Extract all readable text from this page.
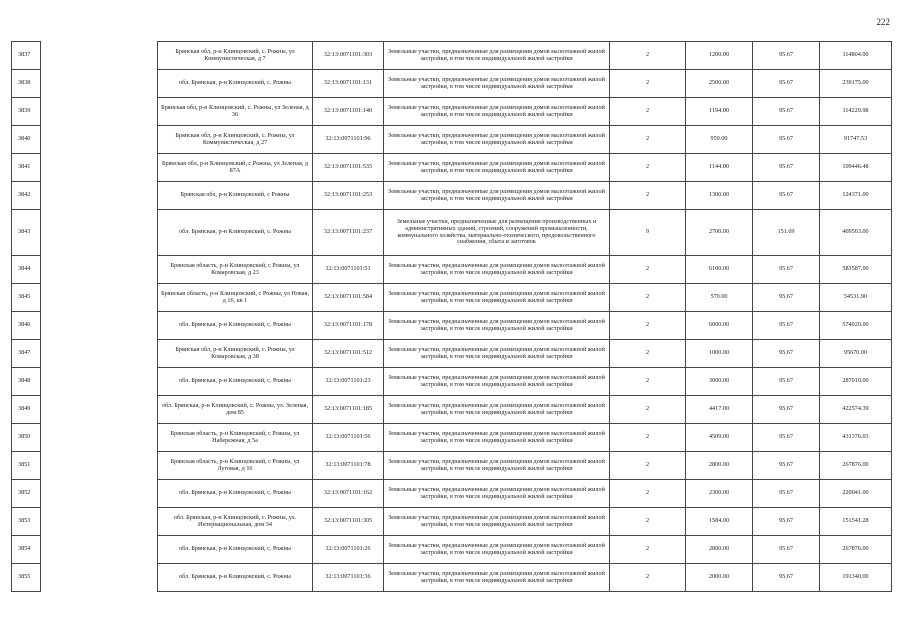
222
3837		Брянская обл, р-н Клинцовский, с. Рожны, ул Коммунистическая, д 7	32:13:0071101:303	Земельные участки, предназначенные для размещения домов малоэтажной жилой застройки, в том числе индивидуальной жилой застройки	2	1200.00	95.67	114804.00
3838		обл. Брянская, р-н Клинцовский, с. Рожны	32:13:0071101:131	Земельные участки, предназначенные для размещения домов малоэтажной жилой застройки, в том числе индивидуальной жилой застройки	2	2500.00	95.67	239175.00
3839		Брянская обл, р-н Клинцовский, с. Рожны, ул Зеленая, д 36	32:13:0071101:140	Земельные участки, предназначенные для размещения домов малоэтажной жилой застройки, в том числе индивидуальной жилой застройки	2	1194.00	95.67	114229.98
3840		Брянская обл, р-н Клинцовский, с. Рожны, ул Коммунистическая, д 27	32:13:0071101:96	Земельные участки, предназначенные для размещения домов малоэтажной жилой застройки, в том числе индивидуальной жилой застройки	2	959.00	95.67	91747.53
3841		Брянская обл, р-н Клинцовский, с Рожны, ул Зеленая, д 87А	32:13:0071101:535	Земельные участки, предназначенные для размещения домов малоэтажной жилой застройки, в том числе индивидуальной жилой застройки	2	1144.00	95.67	109446.48
3842		Брянская обл, р-н Клинцовский, с Рожны	32:13:0071101:253	Земельные участки, предназначенные для размещения домов малоэтажной жилой застройки, в том числе индивидуальной жилой застройки	2	1300.00	95.67	124371.00
3843		обл. Брянская, р-н Клинцовский, с. Рожны	32:13:0071101:237	Земельные участки, предназначенные для размещения производственных и административных зданий, строений, сооружений промышленности, коммунального хозяйства, материально-технического, продовольственного снабжения, сбыта и заготовок	9	2700.00	151.69	409563.00
3844		Брянская область, р-н Клинцовский, с Рожны, ул Комаровская, д 23	32:13:0071101:51	Земельные участки, предназначенные для размещения домов малоэтажной жилой застройки, в том числе индивидуальной жилой застройки	2	6100.00	95.67	583587.00
3845		Брянская область, р-н Клинцовский, с Рожны, ул Новая, д 16, кв 1	32:13:0071101:584	Земельные участки, предназначенные для размещения домов малоэтажной жилой застройки, в том числе индивидуальной жилой застройки	2	570.00	95.67	54531.90
3846		обл. Брянская, р-н Клинцовский, с. Рожны	32:13:0071101:178	Земельные участки, предназначенные для размещения домов малоэтажной жилой застройки, в том числе индивидуальной жилой застройки	2	6000.00	95.67	574020.00
3847		Брянская обл, р-н Клинцовский, с. Рожны, ул Комаровская, д 38	32:13:0071101:512	Земельные участки, предназначенные для размещения домов малоэтажной жилой застройки, в том числе индивидуальной жилой застройки	2	1000.00	95.67	95670.00
3848		обл. Брянская, р-н Клинцовский, с. Рожны	32:13:0071101:23	Земельные участки, предназначенные для размещения домов малоэтажной жилой застройки, в том числе индивидуальной жилой застройки	2	3000.00	95.67	287010.00
3849		обл. Брянская, р-н Клинцовский, с. Рожны, ул. Зеленая, дом 85	32:13:0071101:185	Земельные участки, предназначенные для размещения домов малоэтажной жилой застройки, в том числе индивидуальной жилой застройки	2	4417.00	95.67	422574.39
3850		Брянская область, р-н Клинцовский, с Рожны, ул Набережная, д 5а	32:13:0071101:56	Земельные участки, предназначенные для размещения домов малоэтажной жилой застройки, в том числе индивидуальной жилой застройки	2	4509.00	95.67	431376.03
3851		Брянская область, р-н Клинцовский, с Рожны, ул Луговая, д 16	32:13:0071101:78	Земельные участки, предназначенные для размещения домов малоэтажной жилой застройки, в том числе индивидуальной жилой застройки	2	2800.00	95.67	267876.00
3852		обл. Брянская, р-н Клинцовский, с. Рожны	32:13:0071101:162	Земельные участки, предназначенные для размещения домов малоэтажной жилой застройки, в том числе индивидуальной жилой застройки	2	2300.00	95.67	220041.00
3853		обл. Брянская, р-н Клинцовский, с. Рожны, ул. Интернациональная, дом 34	32:13:0071101:305	Земельные участки, предназначенные для размещения домов малоэтажной жилой застройки, в том числе индивидуальной жилой застройки	2	1584.00	95.67	151541.28
3854		обл. Брянская, р-н Клинцовский, с. Рожны	32:13:0071101:26	Земельные участки, предназначенные для размещения домов малоэтажной жилой застройки, в том числе индивидуальной жилой застройки	2	2800.00	95.67	267876.00
3855		обл. Брянская, р-н Клинцовский, с. Рожны	32:13:0071101:36	Земельные участки, предназначенные для размещения домов малоэтажной жилой застройки, в том числе индивидуальной жилой застройки	2	2000.00	95.67	191340.00
